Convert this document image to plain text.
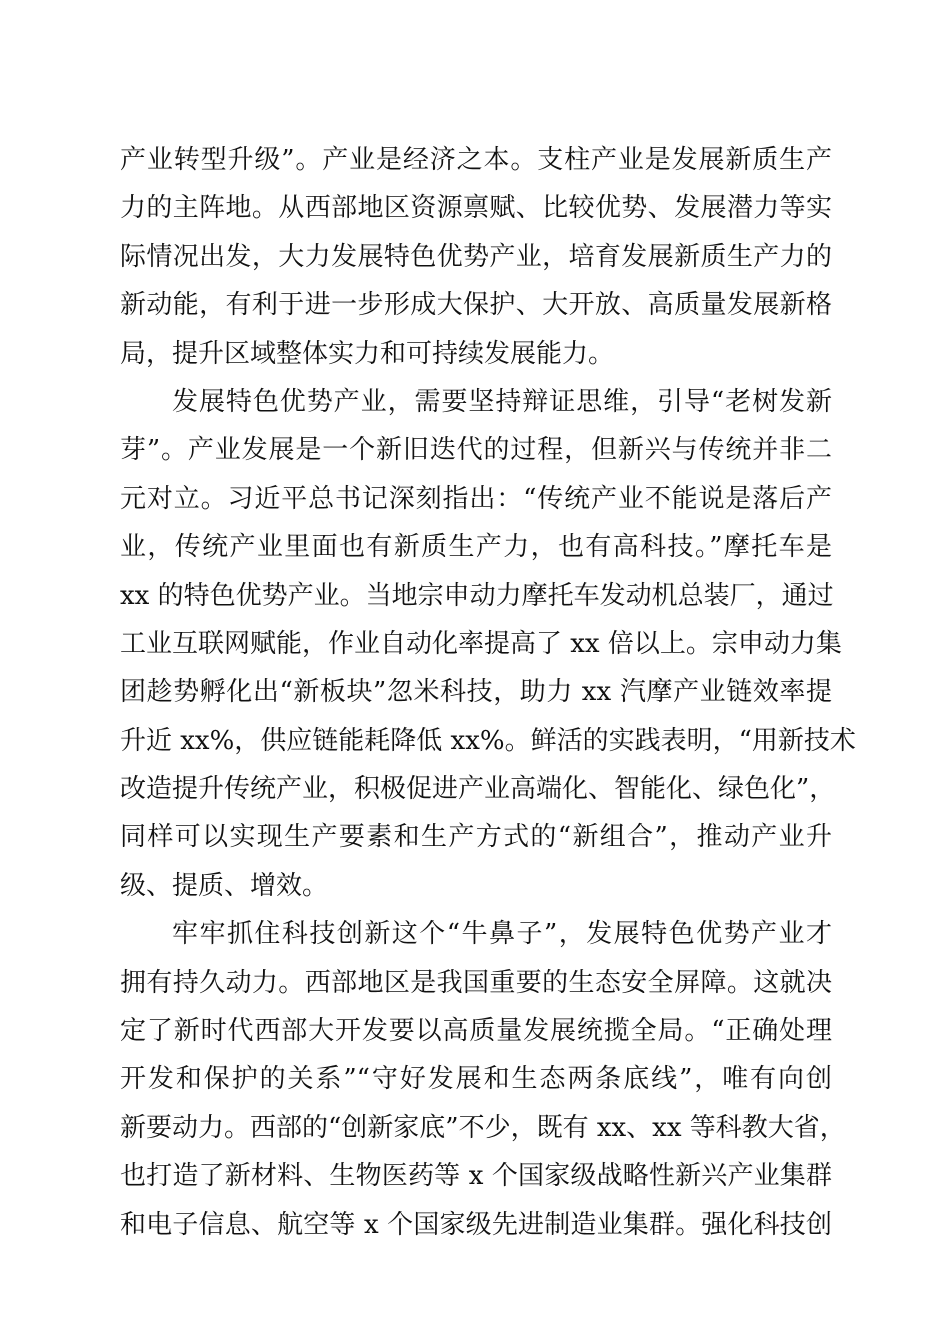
产业转型升级”。产业是经济之本。支柱产业是发展新质生产
力的主阵地。从西部地区资源禀赋、比较优势、发展潜力等实
际情况出发，大力发展特色优势产业，培育发展新质生产力的
新动能，有利于进一步形成大保护、大开放、高质量发展新格
局，提升区域整体实力和可持续发展能力。
发展特色优势产业，需要坚持辩证思维，引导“老树发新
芽”。产业发展是一个新旧迭代的过程，但新兴与传统并非二
元对立。习近平总书记深刻指出：“传统产业不能说是落后产
业，传统产业里面也有新质生产力，也有高科技。”摩托车是
xx 的特色优势产业。当地宗申动力摩托车发动机总装厂，通过
工业互联网赋能，作业自动化率提高了 xx 倍以上。宗申动力集
团趁势孵化出“新板块”忽米科技，助力 xx 汽摩产业链效率提
升近 xx%，供应链能耗降低 xx%。鲜活的实践表明，“用新技术
改造提升传统产业，积极促进产业高端化、智能化、绿色化”，
同样可以实现生产要素和生产方式的“新组合”，推动产业升
级、提质、增效。
牢牢抓住科技创新这个“牛鼻子”，发展特色优势产业才
拥有持久动力。西部地区是我国重要的生态安全屏障。这就决
定了新时代西部大开发要以高质量发展统揽全局。“正确处理
开发和保护的关系”“守好发展和生态两条底线”，唯有向创
新要动力。西部的“创新家底”不少，既有 xx、xx 等科教大省，
也打造了新材料、生物医药等 x 个国家级战略性新兴产业集群
和电子信息、航空等 x 个国家级先进制造业集群。强化科技创
